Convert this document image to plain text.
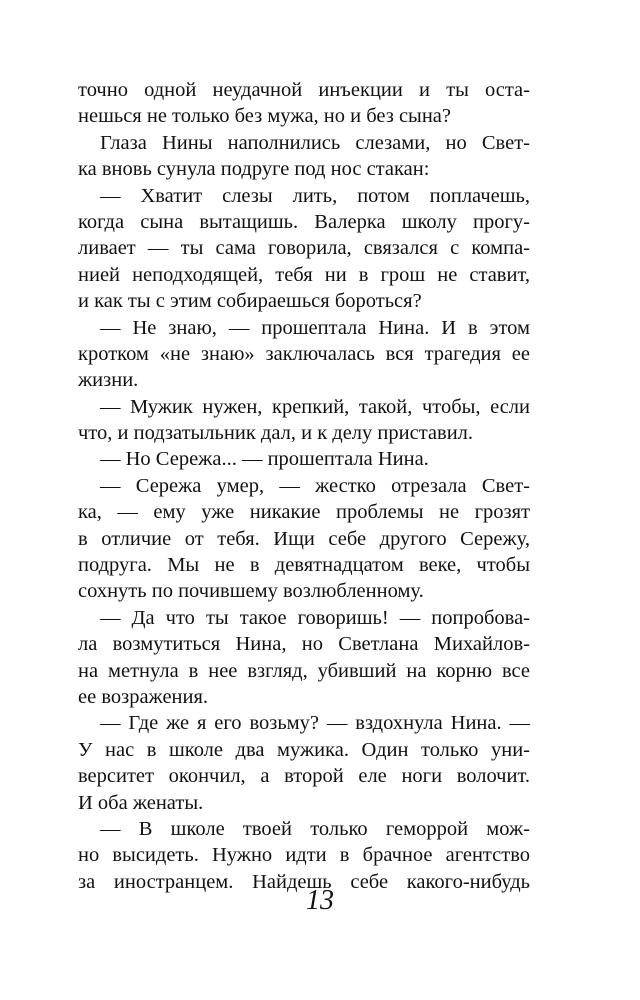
точно одной неудачной инъекции и ты оста-
нешься не только без мужа, но и без сына?
Глаза Нины наполнились слезами, но Свет-
ка вновь сунула подруге под нос стакан:
— Хватит слезы лить, потом поплачешь,
когда сына вытащишь. Валерка школу прогу-
ливает — ты сама говорила, связался с компа-
нией неподходящей, тебя ни в грош не ставит,
и как ты с этим собираешься бороться?
— Не знаю, — прошептала Нина. И в этом
кротком «не знаю» заключалась вся трагедия ее
жизни.
— Мужик нужен, крепкий, такой, чтобы, если
что, и подзатыльник дал, и к делу приставил.
— Но Сережа... — прошептала Нина.
— Сережа умер, — жестко отрезала Свет-
ка, — ему уже никакие проблемы не грозят
в отличие от тебя. Ищи себе другого Сережу,
подруга. Мы не в девятнадцатом веке, чтобы
сохнуть по почившему возлюбленному.
— Да что ты такое говоришь! — попробова-
ла возмутиться Нина, но Светлана Михайлов-
на метнула в нее взгляд, убивший на корню все
ее возражения.
— Где же я его возьму? — вздохнула Нина. —
У нас в школе два мужика. Один только уни-
верситет окончил, а второй еле ноги волочит.
И оба женаты.
— В школе твоей только геморрой мож-
но высидеть. Нужно идти в брачное агентство
за иностранцем. Найдешь себе какого-нибудь
13
